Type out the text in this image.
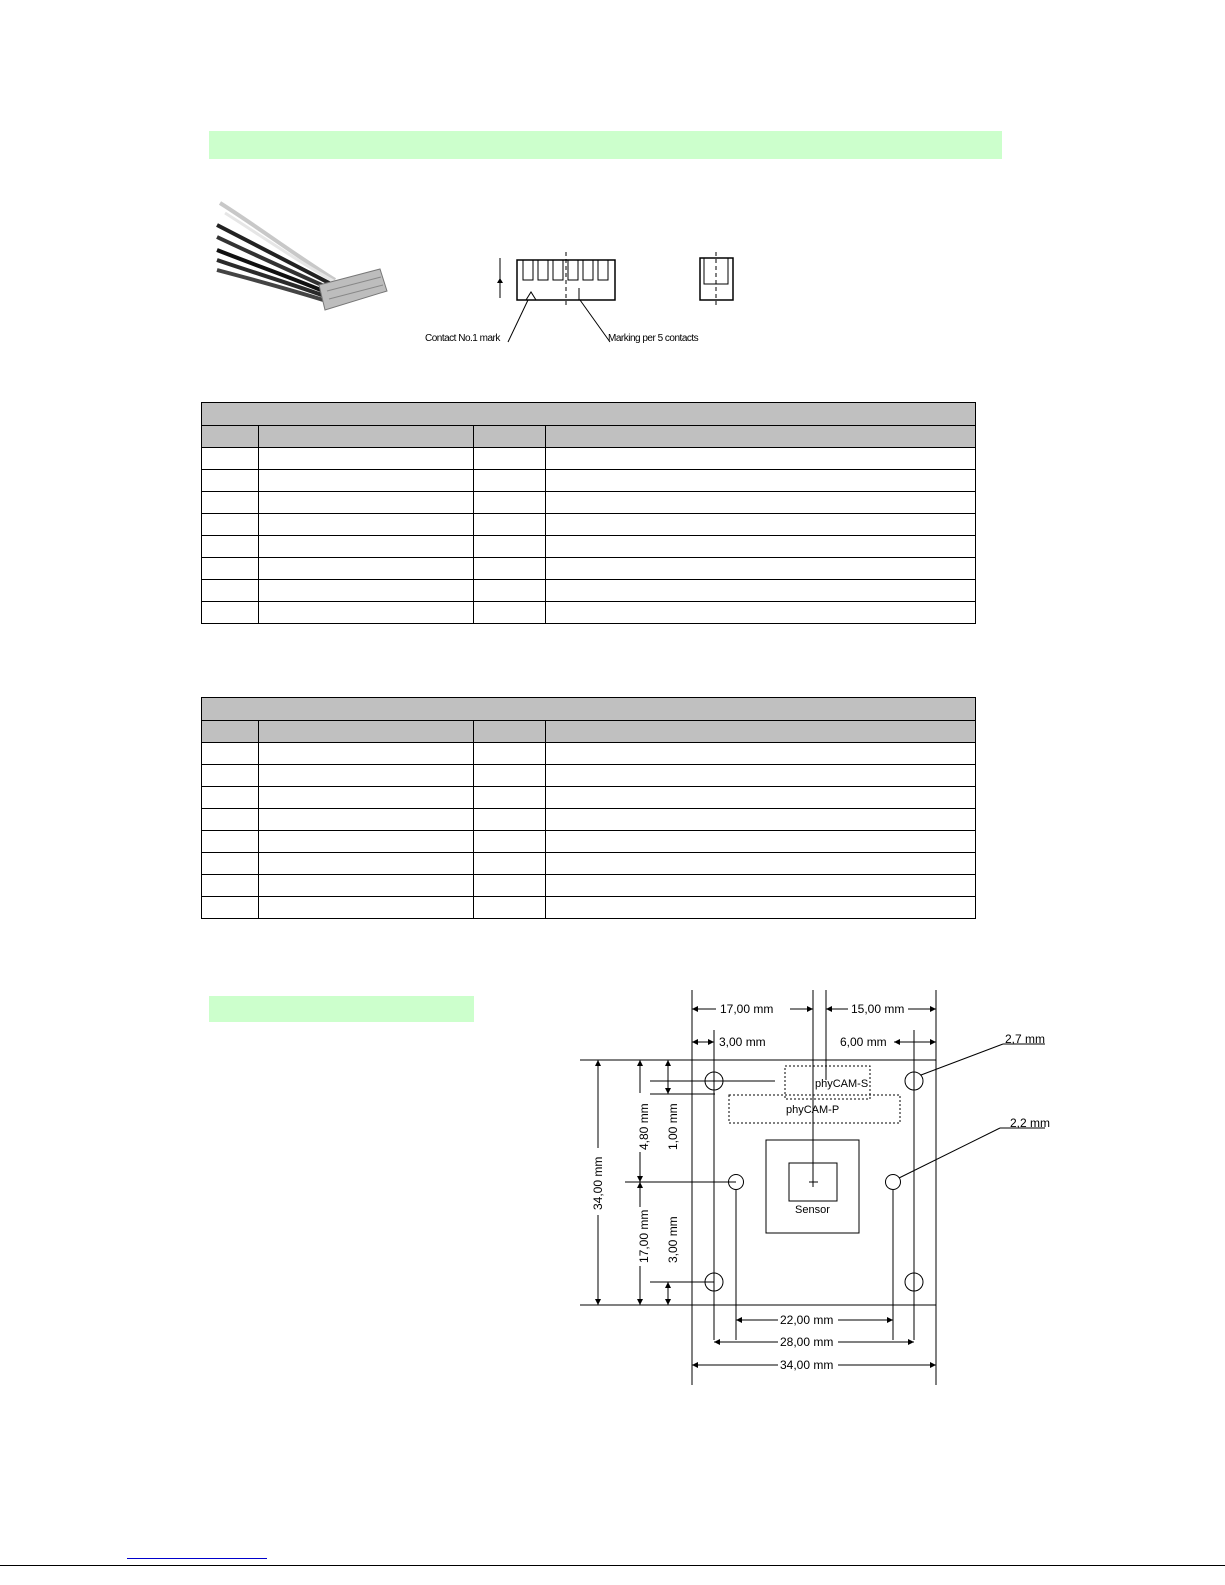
Contact No.1 mark	Marking per 5 contacts

17,00 mm	15,00 mm
3,00 mm	6,00 mm	2,7 mm
2,2 mm
phyCAM-S
phyCAM-P
Sensor
34,00 mm
4,80 mm 1,00 mm
17,00 mm 3,00 mm
22,00 mm
28,00 mm
34,00 mm
